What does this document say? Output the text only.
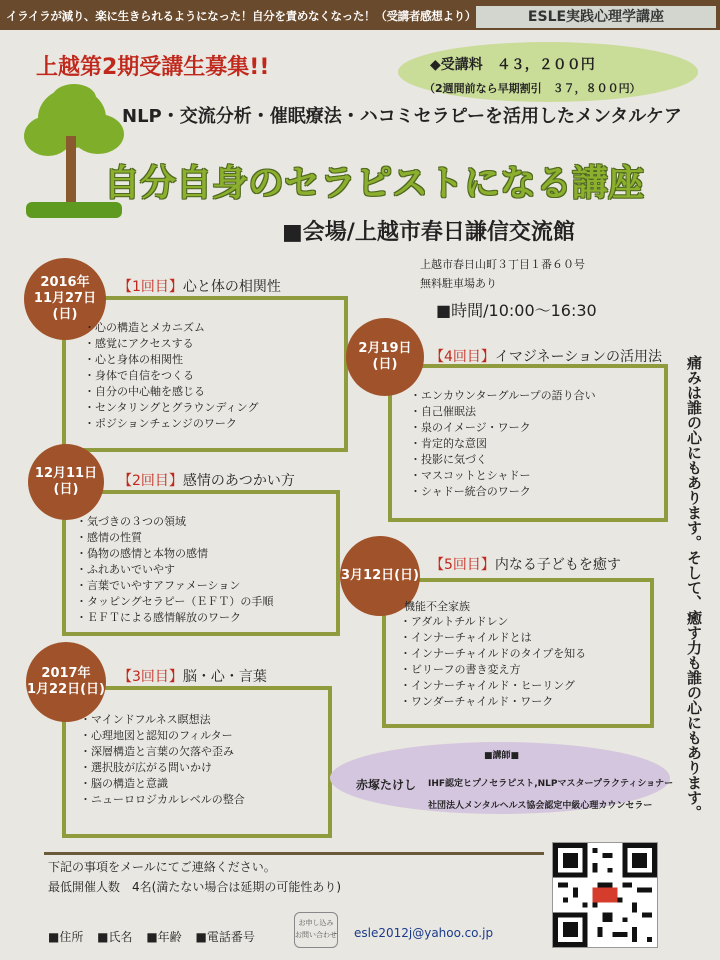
イライラが減り、楽に生きられるようになった！自分を責めなくなった！（受講者感想より）	ESLE実践心理学講座
上越第2期受講生募集!!	◆受講料　４３，２００円
（2週間前なら早期割引　３７，８００円）
NLP・交流分析・催眠療法・ハコミセラピーを活用したメンタルケア
自分自身のセラピストになる講座
■会場/上越市春日謙信交流館
上越市春日山町３丁目１番６０号
無料駐車場あり
■時間/10:00～16:30
痛みは誰の心にもあります。そして、癒す力も誰の心にもあります。
2016年
11月27日(日)
【1回目】心と体の相関性
・ 心の構造とメカニズム
・ 感覚にアクセスする
・ 心と身体の相関性
・ 身体で自信をつくる
・ 自分の中心軸を感じる
・ センタリングとグラウンディング
・ ポジションチェンジのワーク
12月11日(日)
【2回目】感情のあつかい方
・ 気づきの３つの領域
・ 感情の性質
・ 偽物の感情と本物の感情
・ ふれあいでいやす
・ 言葉でいやすアファメーション
・ タッピングセラピー（ＥＦＴ）の手順
・ ＥＦＴによる感情解放のワーク
2017年
1月22日(日)
【3回目】脳・心・言葉
・ マインドフルネス瞑想法
・ 心理地図と認知のフィルター
・ 深層構造と言葉の欠落や歪み
・ 選択肢が広がる問いかけ
・ 脳の構造と意識
・ ニューロロジカルレベルの整合
2月19日(日)	【4回目】イマジネーションの活用法
・ エンカウンターグループの語り合い
・ 自己催眠法
・ 泉のイメージ・ワーク
・ 肯定的な意図
・ 投影に気づく
・ マスコットとシャドー
・ シャドー統合のワーク
3月12日(日)
【5回目】内なる子どもを癒す
機能不全家族
・ アダルトチルドレン
・ インナーチャイルドとは
・ インナーチャイルドのタイプを知る
・ ビリーフの書き変え方
・ インナーチャイルド・ヒーリング
・ ワンダーチャイルド・ワーク
■講師■
赤塚たけし IHF認定ヒプノセラピスト,NLPマスタープラクティショナー
社団法人メンタルヘルス協会認定中級心理カウンセラー
下記の事項をメールにてご連絡ください。
最低開催人数　4名(満たない場合は延期の可能性あり)
■住所 ■氏名 ■年齢 ■電話番号
お申し込み
お問い合わせ esle2012j@yahoo.co.jp
